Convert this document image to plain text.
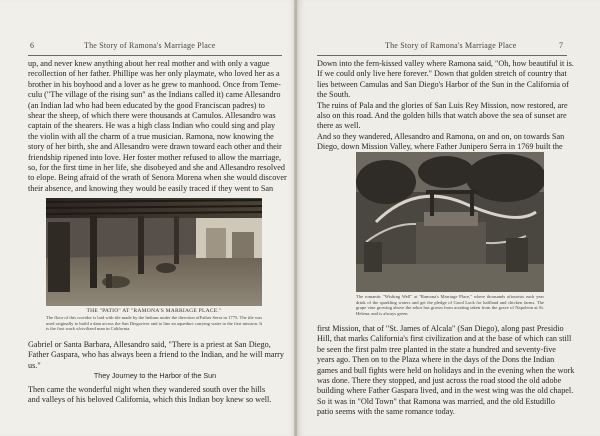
6	The Story of Ramona's Marriage Place
up, and never knew anything about her real mother and with only a vague
recollection of her father. Phillipe was her only playmate, who loved her as a
brother in his boyhood and a lover as he grew to manhood. Once from Teme-
culu ("The village of the rising sun" as the Indians called it) came Allesandro
(an Indian lad who had been educated by the good Franciscan padres) to
shear the sheep, of which there were thousands at Camulos. Allesandro was
captain of the shearers. He was a high class Indian who could sing and play
the violin with all the charm of a true musician. Ramona, now knowing the
story of her birth, she and Allesandro were drawn toward each other and their
friendship ripened into love. Her foster mother refused to allow the marriage,
so, for the first time in her life, she disobeyed and she and Allesandro resolved
to elope. Being afraid of the wrath of Senora Morena when she would discover
their absence, and knowing they would be easily traced if they went to San
THE "PATIO" AT "RAMONA'S MARRIAGE PLACE."
The floor of this corridor is laid with tile made by the Indians under the direction ofFather Serra in 1775. The tile was used originally to build a dam across the San Diegoriver and to line an aqueduct carrying water to the first mission. It is the first work ofcivilized man in California.
Gabriel or Santa Barbara, Allesandro said, "There is a priest at San Diego,
Father Gaspara, who has always been a friend to the Indian, and he will marry
us."
They Journey to the Harbor of the Sun
Then came the wonderful night when they wandered south over the hills
and valleys of his beloved California, which this Indian boy knew so well.
The Story of Ramona's Marriage Place	7
Down into the fern-kissed valley where Ramona said, "Oh, how beautiful it is.
If we could only live here forever." Down that golden stretch of country that
lies between Camulas and San Diego's Harbor of the Sun in the California of
the South.
The ruins of Pala and the glories of San Luis Rey Mission, now restored, are
also on this road. And the golden hills that watch above the sea of sunset are
there as well.
And so they wandered, Allesandro and Ramona, on and on, on towards San
Diego, down Mission Valley, where Father Junipero Serra in 1769 built the
The romantic "Wishing Well" at "Ramona's Marriage Place," where thousands oftourists each year drink of the sparkling waters and get the pledge of Good Luck for halfland and chicken farms. The grape vine growing above the arbor has grown from acutting taken from the grave of Napoleon at St. Helena, and is always green.
first Mission, that of "St. James of Alcala" (San Diego), along past Presidio
Hill, that marks California's first civilization and at the base of which can still
be seen the first palm tree planted in the state a hundred and seventy-five
years ago. Then on to the Plaza where in the days of the Dons the Indian
games and bull fights were held on holidays and in the evening when the work
was done. There they stopped, and just across the road stood the old adobe
building where Father Gaspara lived, and in the west wing was the old chapel.
So it was in "Old Town" that Ramona was married, and the old Estudillo
patio seems with the same romance today.
